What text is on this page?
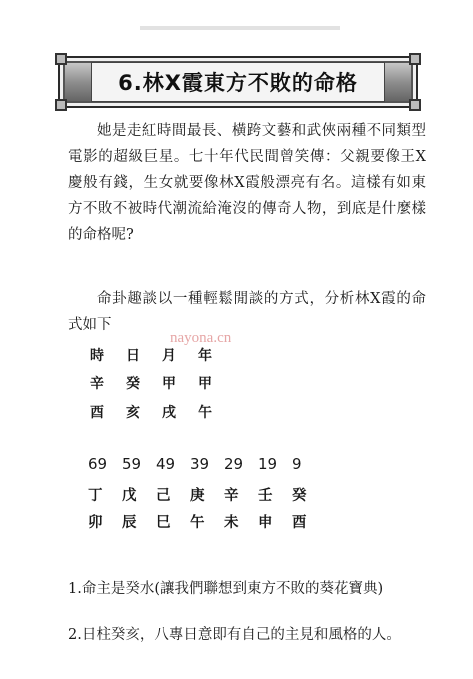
6.林X霞東方不敗的命格
她是走紅時間最長、橫跨文藝和武俠兩種不同類型電影的超級巨星。七十年代民間曾笑傳：父親要像王X慶般有錢，生女就要像林X霞般漂亮有名。這樣有如東方不敗不被時代潮流給淹沒的傳奇人物，到底是什麼樣的命格呢?
命卦趣談以一種輕鬆閒談的方式，分析林X霞的命式如下
nayona.cn
時	日	月	年
辛	癸	甲	甲
酉	亥	戌	午
69 59 49 39 29 19 9
丁	戊	己	庚	辛	壬	癸
卯	辰	巳	午	未	申	酉
1.命主是癸水(讓我們聯想到東方不敗的葵花寶典)
2.日柱癸亥，八專日意即有自己的主見和風格的人。
